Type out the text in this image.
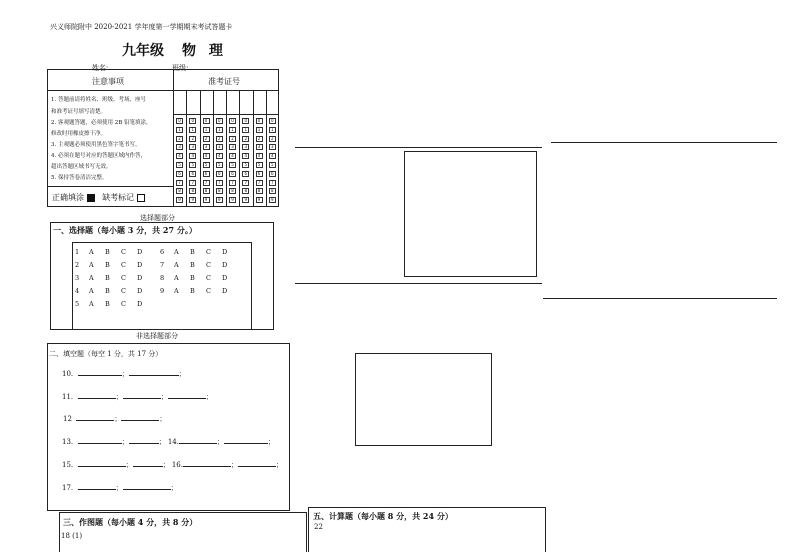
兴义师院附中 2020-2021 学年度第一学期期末考试答题卡
九年级 物 理
姓名:	班级:
注意事项	准考证号
1. 答题前请将姓名、班级、考场、座号
和准考证号填写清楚。
2. 客观题答题，必须使用 2B 铅笔填涂，
修改时用橡皮擦干净。
3. 主观题必须使用黑色签字笔书写。
4. 必须在题号对应的答题区域内作答，
超出答题区域书写无效。
5. 保持答卷清洁完整。
正确填涂 缺考标记
0	0	0	0	0	0	0	0
1	1	1	1	1	1	1	1
2	2	2	2	2	2	2	2
3	3	3	3	3	3	3	3
4	4	4	4	4	4	4	4
5	5	5	5	5	5	5	5
6	6	6	6	6	6	6	6
7	7	7	7	7	7	7	7
8	8	8	8	8	8	8	8
9	9	9	9	9	9	9	9
选择题部分
一、选择题（每小题 3 分，共 27 分。）
1 A B C D	6 A B C D
2 A B C D	7 A B C D
3 A B C D	8 A B C D
4 A B C D	9 A B C D
5 A B C D
非选择题部分
二、填空题（每空 1 分，共 17 分）
10.	；	；
11.	；	；	；
12	；	；
13.	；	； 14.	；	；
15.	；	； 16.	；	；
17.	；	；
三、作图题（每小题 4 分，共 8 分）
18 (1)
五、计算题（每小题 8 分，共 24 分）
22
